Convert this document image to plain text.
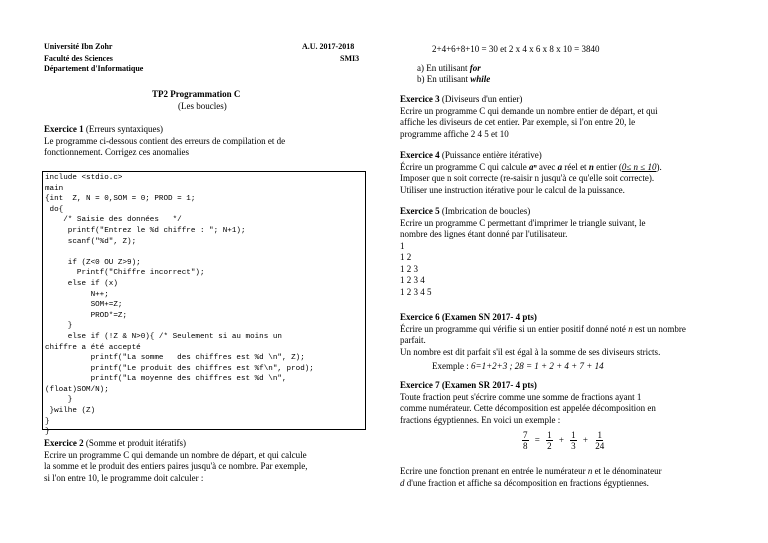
Université Ibn Zohr
Faculté des Sciences
Département d'Informatique
A.U. 2017-2018
SMI3
TP2 Programmation C
(Les boucles)
Exercice 1 (Erreurs syntaxiques)
Le programme ci-dessous contient des erreurs de compilation et de
fonctionnement. Corrigez ces anomalies
include <stdio.c>
main
{int  Z, N = 0,SOM = 0; PROD = 1;
do{
/* Saisie des données   */
printf("Entrez le %d chiffre : "; N+1);
scanf("%d", Z);

if (Z<0 OU Z>9);
Printf("Chiffre incorrect");
else if (x)
N++;
SOM+=Z;
PROD*=Z;
}
else if (!Z & N>0){ /* Seulement si au moins un
chiffre a été accepté
printf("La somme   des chiffres est %d \n", Z);
printf("Le produit des chiffres est %f\n", prod);
printf("La moyenne des chiffres est %d \n",
(float)SOM/N);
}
}wilhe (Z)
}
}
Exercice 2 (Somme et produit itératifs)
Ecrire un programme C qui demande un nombre de départ, et qui calcule
la somme et le produit des entiers paires jusqu'à ce nombre. Par exemple,
si l'on entre 10, le programme doit calculer :
2+4+6+8+10 = 30 et 2 x 4 x 6 x 8 x 10 = 3840
a) En utilisant for
b) En utilisant while
Exercice 3 (Diviseurs d'un entier)
Ecrire un programme C qui demande un nombre entier de départ, et qui
affiche les diviseurs de cet entier. Par exemple, si l'on entre 20, le
programme affiche 2 4 5 et 10
Exercice 4 (Puissance entière itérative)
Écrire un programme C qui calcule aⁿ avec a réel et n entier (0≤ n ≤ 10).
Imposer que n soit correcte (re-saisir n jusqu'à ce qu'elle soit correcte).
Utiliser une instruction itérative pour le calcul de la puissance.
Exercice 5 (Imbrication de boucles)
Ecrire un programme C permettant d'imprimer le triangle suivant, le
nombre des lignes étant donné par l'utilisateur.
1
1 2
1 2 3
1 2 3 4
1 2 3 4 5
Exercice 6 (Examen SN 2017- 4 pts)
Écrire un programme qui vérifie si un entier positif donné noté n est un nombre
parfait.
Un nombre est dit parfait s'il est égal à la somme de ses diviseurs stricts.
Exemple : 6=1+2+3 ; 28 = 1 + 2 + 4 + 7 + 14
Exercice 7 (Examen SR 2017- 4 pts)
Toute fraction peut s'écrire comme une somme de fractions ayant 1
comme numérateur. Cette décomposition est appelée décomposition en
fractions égyptiennes. En voici un exemple :
$\frac{7}{8} = \frac{1}{2} + \frac{1}{3} + \frac{1}{24}$
Ecrire une fonction prenant en entrée le numérateur n et le dénominateur
d d'une fraction et affiche sa décomposition en fractions égyptiennes.
